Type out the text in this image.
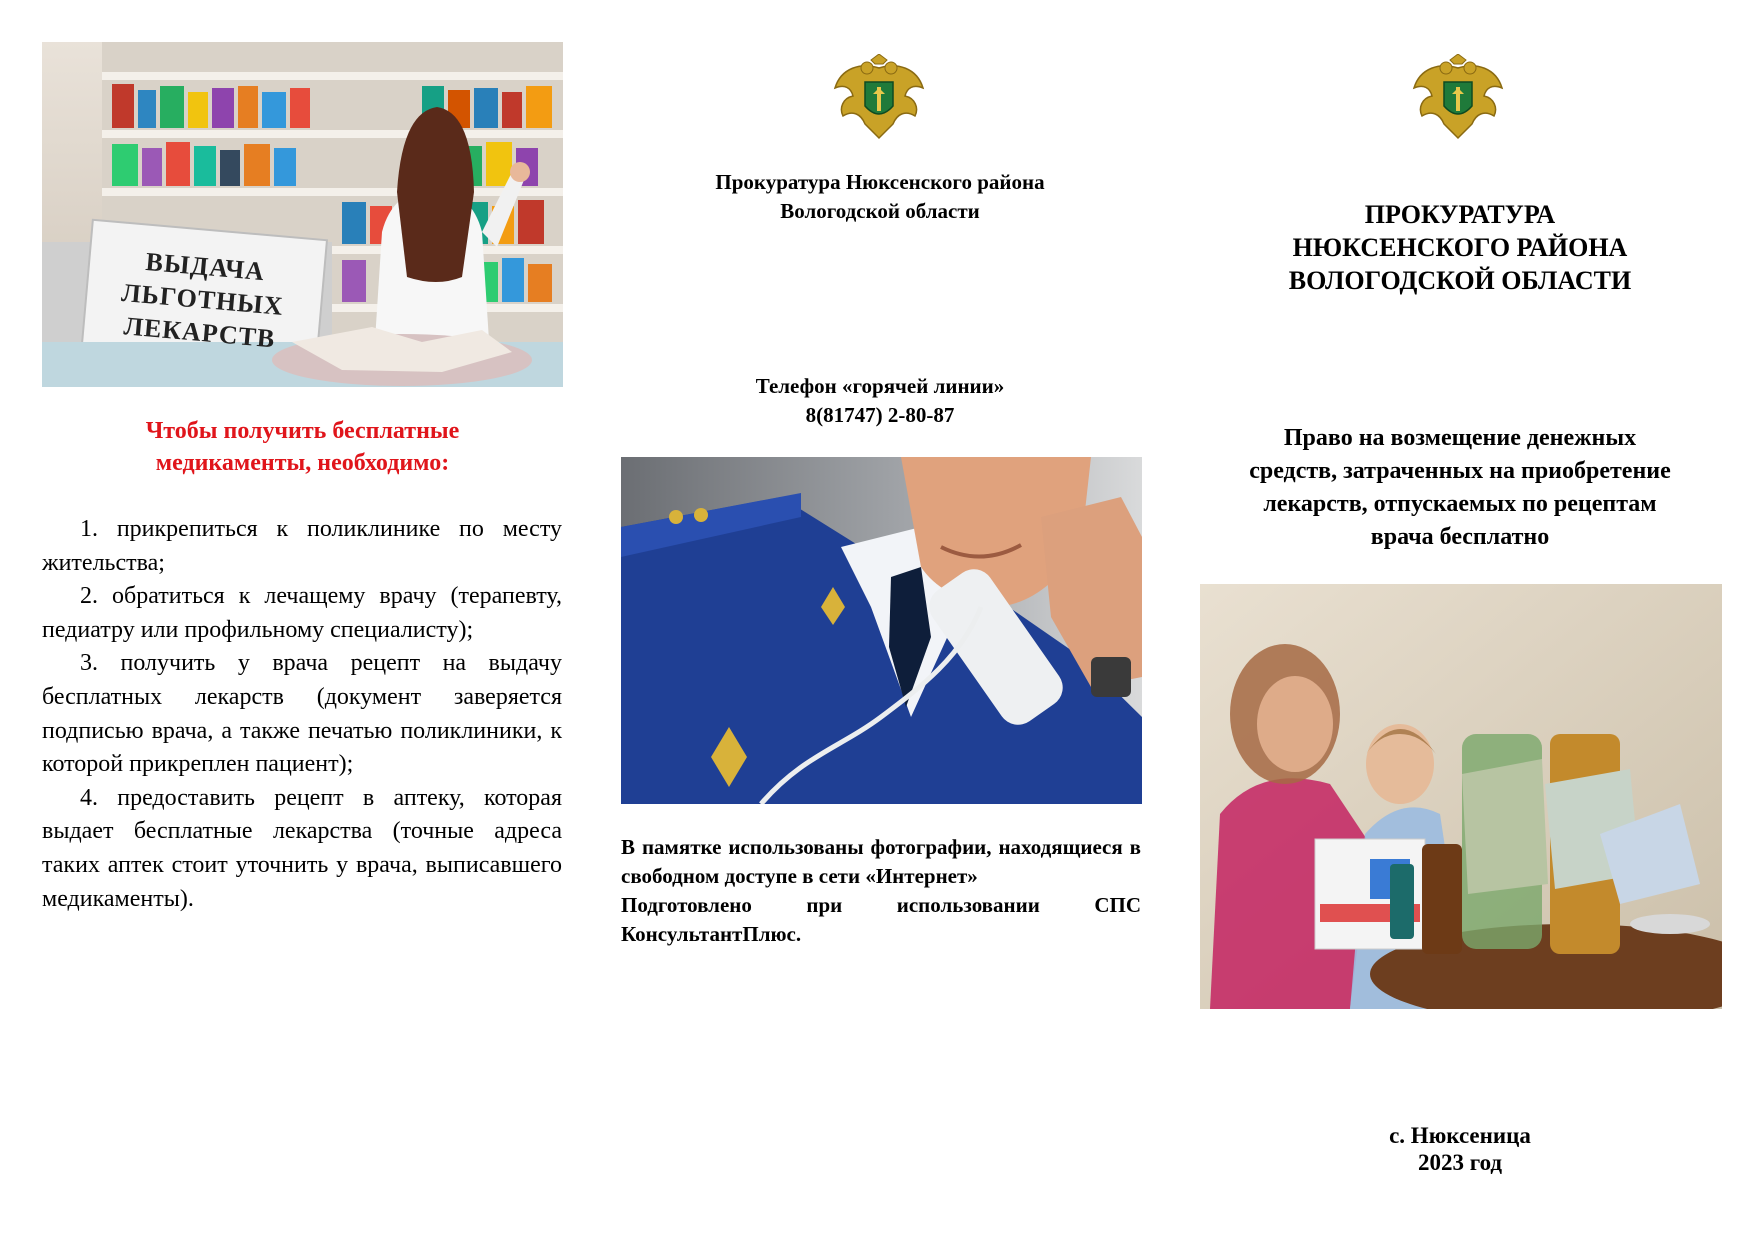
ВЫДАЧА
ЛЬГОТНЫХ
ЛЕКАРСТВ
Чтобы получить бесплатные
медикаменты, необходимо:

1. прикрепиться к поликлинике по месту жительства;

2. обратиться к лечащему врачу (терапевту, педиатру или профильному специалисту);

3. получить у врача рецепт на выдачу бесплатных лекарств (документ заверяется подписью врача, а также печатью поликлиники, к которой прикреплен пациент);

4. предоставить рецепт в аптеку, которая выдает бесплатные лекарства (точные адреса таких аптек стоит уточнить у врача, выписавшего медикаменты).

Прокуратура Нюксенского района
Вологодской области
Телефон «горячей линии»
8(81747) 2-80-87

В памятке использованы фотографии, находящиеся в свободном доступе в сети «Интернет»

Подготовлено при использовании СПС КонсультантПлюс.

ПРОКУРАТУРА
НЮКСЕНСКОГО РАЙОНА
ВОЛОГОДСКОЙ ОБЛАСТИ
Право на возмещение денежных
средств, затраченных на приобретение
лекарств, отпускаемых по рецептам
врача бесплатно
с. Нюксеница
2023 год
